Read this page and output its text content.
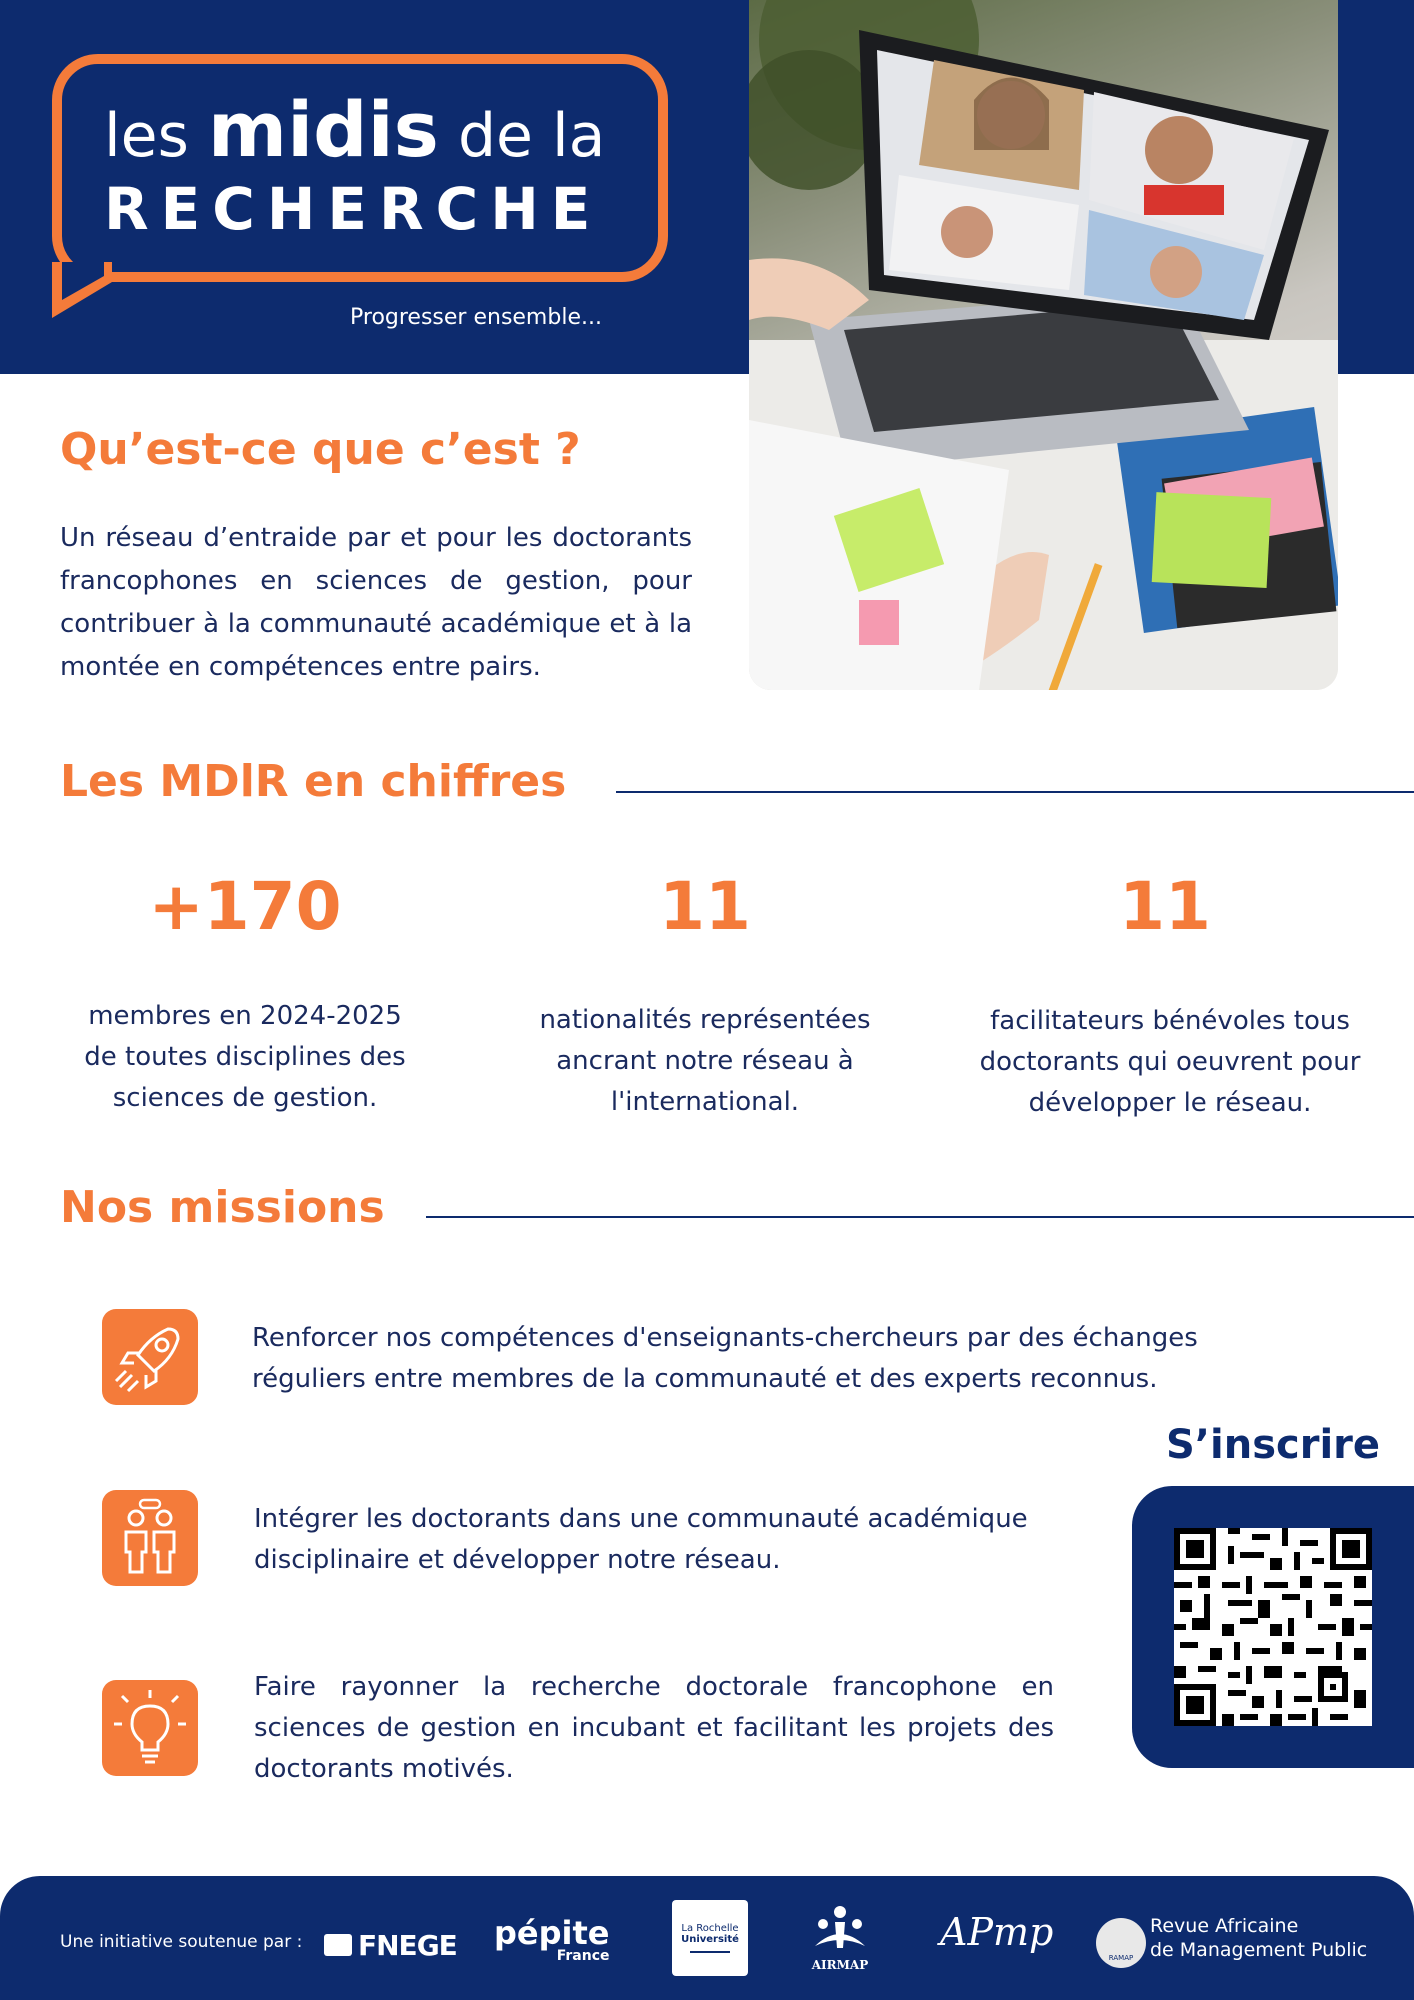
les midis de la
RECHERCHE
Progresser ensemble...
Qu’est-ce que c’est ?
Un réseau d’entraide par et pour les doctorants francophones en sciences de gestion, pour contribuer à la communauté académique et à la montée en compétences entre pairs.
Les MDlR en chiffres
+170
membres en 2024-2025 de toutes disciplines des sciences de gestion.
11
nationalités représentées ancrant notre réseau à l'international.
11
facilitateurs bénévoles tous doctorants qui oeuvrent pour développer le réseau.
Nos missions
Renforcer nos compétences d'enseignants-chercheurs par des échanges réguliers entre membres de la communauté et des experts reconnus.
Intégrer les doctorants dans une communauté académique disciplinaire et développer notre réseau.
Faire rayonner la recherche doctorale francophone en sciences de gestion en incubant et facilitant les projets des doctorants motivés.
S’inscrire
Une initiative soutenue par : FNEGE pépite
France
La Rochelle
Université
AIRMAP
APmp
RAMAP
Revue Africaine
de Management Public
